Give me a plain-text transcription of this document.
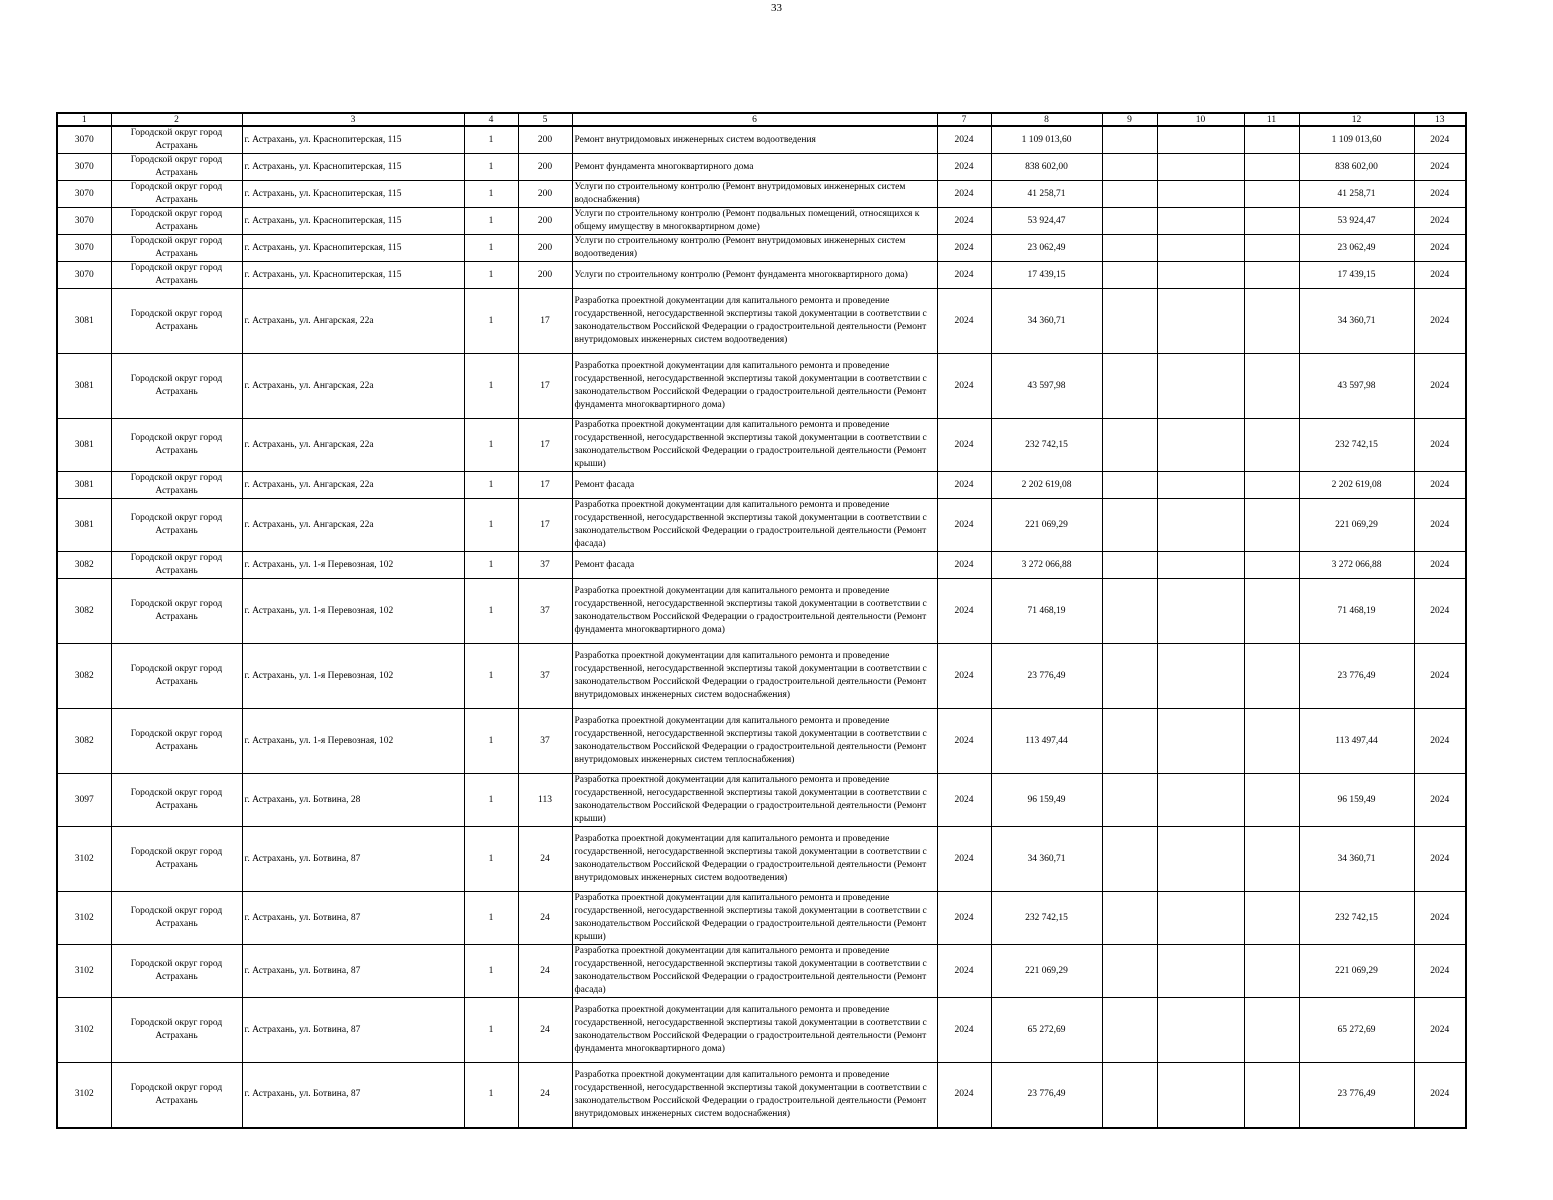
33
1	2	3	4	5	6	7	8	9	10	11	12	13
3070	Городской округ город Астрахань	г. Астрахань, ул. Краснопитерская, 115	1	200	Ремонт внутридомовых инженерных систем водоотведения	2024	1 109 013,60				1 109 013,60	2024
3070	Городской округ город Астрахань	г. Астрахань, ул. Краснопитерская, 115	1	200	Ремонт фундамента многоквартирного дома	2024	838 602,00				838 602,00	2024
3070	Городской округ город Астрахань	г. Астрахань, ул. Краснопитерская, 115	1	200	Услуги по строительному контролю (Ремонт внутридомовых инженерных систем водоснабжения)	2024	41 258,71				41 258,71	2024
3070	Городской округ город Астрахань	г. Астрахань, ул. Краснопитерская, 115	1	200	Услуги по строительному контролю (Ремонт подвальных помещений, относящихся к общему имуществу в многоквартирном доме)	2024	53 924,47				53 924,47	2024
3070	Городской округ город Астрахань	г. Астрахань, ул. Краснопитерская, 115	1	200	Услуги по строительному контролю (Ремонт внутридомовых инженерных систем водоотведения)	2024	23 062,49				23 062,49	2024
3070	Городской округ город Астрахань	г. Астрахань, ул. Краснопитерская, 115	1	200	Услуги по строительному контролю (Ремонт фундамента многоквартирного дома)	2024	17 439,15				17 439,15	2024
3081	Городской округ город Астрахань	г. Астрахань, ул. Ангарская, 22а	1	17	Разработка проектной документации для капитального ремонта и проведение государственной, негосударственной экспертизы такой документации в соответствии с законодательством Российской Федерации о градостроительной деятельности (Ремонт внутридомовых инженерных систем водоотведения)	2024	34 360,71				34 360,71	2024
3081	Городской округ город Астрахань	г. Астрахань, ул. Ангарская, 22а	1	17	Разработка проектной документации для капитального ремонта и проведение государственной, негосударственной экспертизы такой документации в соответствии с законодательством Российской Федерации о градостроительной деятельности (Ремонт фундамента многоквартирного дома)	2024	43 597,98				43 597,98	2024
3081	Городской округ город Астрахань	г. Астрахань, ул. Ангарская, 22а	1	17	Разработка проектной документации для капитального ремонта и проведение государственной, негосударственной экспертизы такой документации в соответствии с законодательством Российской Федерации о градостроительной деятельности (Ремонт крыши)	2024	232 742,15				232 742,15	2024
3081	Городской округ город Астрахань	г. Астрахань, ул. Ангарская, 22а	1	17	Ремонт фасада	2024	2 202 619,08				2 202 619,08	2024
3081	Городской округ город Астрахань	г. Астрахань, ул. Ангарская, 22а	1	17	Разработка проектной документации для капитального ремонта и проведение государственной, негосударственной экспертизы такой документации в соответствии с законодательством Российской Федерации о градостроительной деятельности (Ремонт фасада)	2024	221 069,29				221 069,29	2024
3082	Городской округ город Астрахань	г. Астрахань, ул. 1-я Перевозная, 102	1	37	Ремонт фасада	2024	3 272 066,88				3 272 066,88	2024
3082	Городской округ город Астрахань	г. Астрахань, ул. 1-я Перевозная, 102	1	37	Разработка проектной документации для капитального ремонта и проведение государственной, негосударственной экспертизы такой документации в соответствии с законодательством Российской Федерации о градостроительной деятельности (Ремонт фундамента многоквартирного дома)	2024	71 468,19				71 468,19	2024
3082	Городской округ город Астрахань	г. Астрахань, ул. 1-я Перевозная, 102	1	37	Разработка проектной документации для капитального ремонта и проведение государственной, негосударственной экспертизы такой документации в соответствии с законодательством Российской Федерации о градостроительной деятельности (Ремонт внутридомовых инженерных систем водоснабжения)	2024	23 776,49				23 776,49	2024
3082	Городской округ город Астрахань	г. Астрахань, ул. 1-я Перевозная, 102	1	37	Разработка проектной документации для капитального ремонта и проведение государственной, негосударственной экспертизы такой документации в соответствии с законодательством Российской Федерации о градостроительной деятельности (Ремонт внутридомовых инженерных систем теплоснабжения)	2024	113 497,44				113 497,44	2024
3097	Городской округ город Астрахань	г. Астрахань, ул. Ботвина, 28	1	113	Разработка проектной документации для капитального ремонта и проведение государственной, негосударственной экспертизы такой документации в соответствии с законодательством Российской Федерации о градостроительной деятельности (Ремонт крыши)	2024	96 159,49				96 159,49	2024
3102	Городской округ город Астрахань	г. Астрахань, ул. Ботвина, 87	1	24	Разработка проектной документации для капитального ремонта и проведение государственной, негосударственной экспертизы такой документации в соответствии с законодательством Российской Федерации о градостроительной деятельности (Ремонт внутридомовых инженерных систем водоотведения)	2024	34 360,71				34 360,71	2024
3102	Городской округ город Астрахань	г. Астрахань, ул. Ботвина, 87	1	24	Разработка проектной документации для капитального ремонта и проведение государственной, негосударственной экспертизы такой документации в соответствии с законодательством Российской Федерации о градостроительной деятельности (Ремонт крыши)	2024	232 742,15				232 742,15	2024
3102	Городской округ город Астрахань	г. Астрахань, ул. Ботвина, 87	1	24	Разработка проектной документации для капитального ремонта и проведение государственной, негосударственной экспертизы такой документации в соответствии с законодательством Российской Федерации о градостроительной деятельности (Ремонт фасада)	2024	221 069,29				221 069,29	2024
3102	Городской округ город Астрахань	г. Астрахань, ул. Ботвина, 87	1	24	Разработка проектной документации для капитального ремонта и проведение государственной, негосударственной экспертизы такой документации в соответствии с законодательством Российской Федерации о градостроительной деятельности (Ремонт фундамента многоквартирного дома)	2024	65 272,69				65 272,69	2024
3102	Городской округ город Астрахань	г. Астрахань, ул. Ботвина, 87	1	24	Разработка проектной документации для капитального ремонта и проведение государственной, негосударственной экспертизы такой документации в соответствии с законодательством Российской Федерации о градостроительной деятельности (Ремонт внутридомовых инженерных систем водоснабжения)	2024	23 776,49				23 776,49	2024
